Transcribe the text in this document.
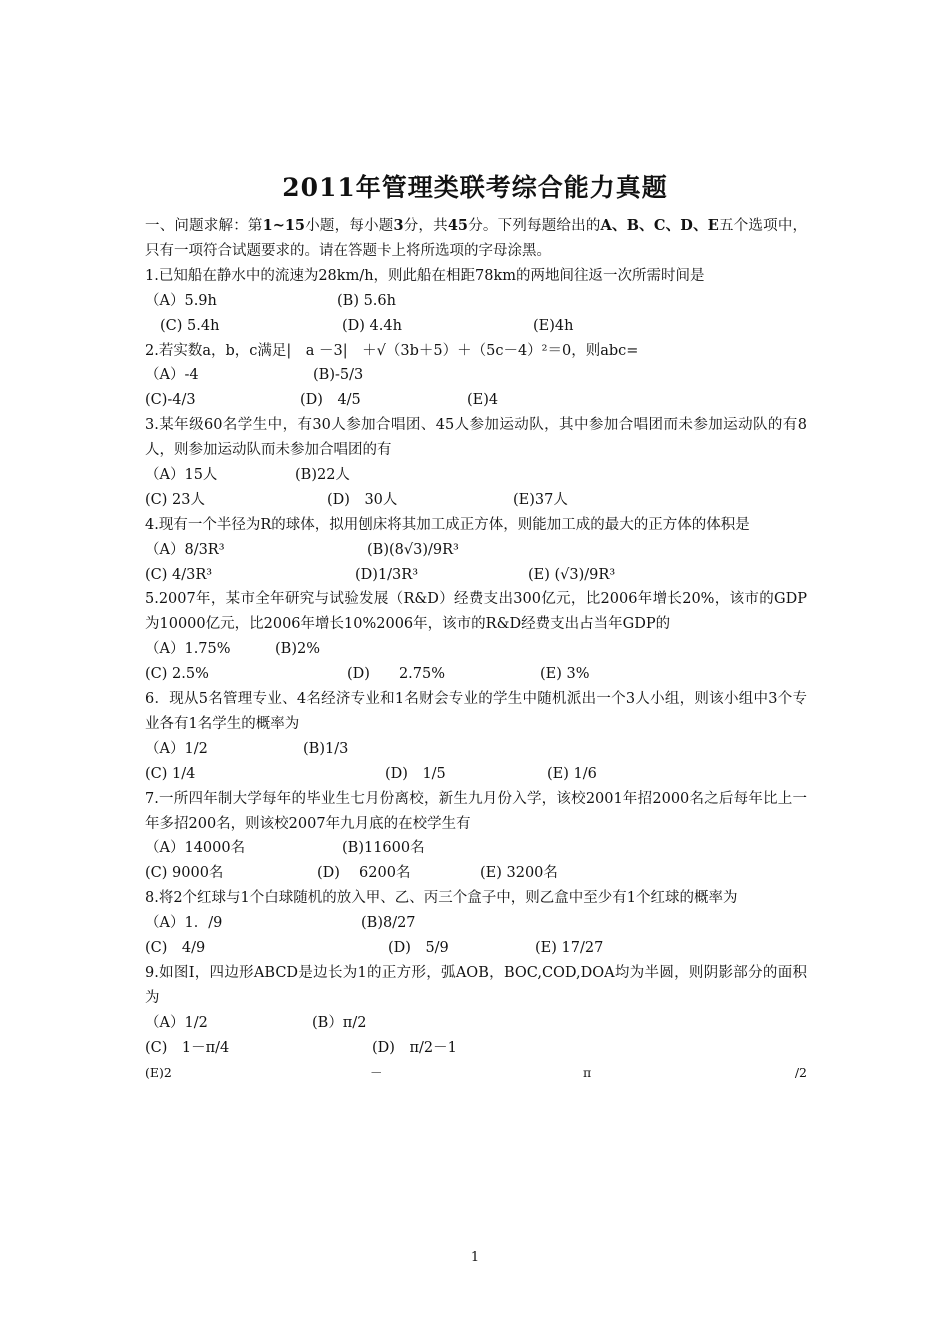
2011年管理类联考综合能力真题
一、问题求解：第1~15小题，每小题3分，共45分。下列每题给出的A、B、C、D、E五个选项中，只有一项符合试题要求的。请在答题卡上将所选项的字母涂黑。
1.已知船在静水中的流速为28km/h，则此船在相距78km的两地间往返一次所需时间是
（A）5.9h	(B) 5.6h
(C) 5.4h	(D) 4.4h	(E)4h
2.若实数a，b，c满足|　a －3|　＋√（3b＋5）＋（5c－4）²＝0，则abc=
（A）-4	(B)-5/3
(C)-4/3	(D)　4/5	(E)4
3.某年级60名学生中，有30人参加合唱团、45人参加运动队，其中参加合唱团而未参加运动队的有8人，则参加运动队而未参加合唱团的有
（A）15人	(B)22人
(C) 23人	(D)　30人	(E)37人
4.现有一个半径为R的球体，拟用刨床将其加工成正方体，则能加工成的最大的正方体的体积是
（A）8/3R³	(B)(8√3)/9R³
(C) 4/3R³	(D)1/3R³	(E) (√3)/9R³
5.2007年，某市全年研究与试验发展（R&D）经费支出300亿元，比2006年增长20%，该市的GDP为10000亿元，比2006年增长10%2006年，该市的R&D经费支出占当年GDP的
（A）1.75%	(B)2%
(C) 2.5%	(D)　　2.75%	(E) 3%
6．现从5名管理专业、4名经济专业和1名财会专业的学生中随机派出一个3人小组，则该小组中3个专业各有1名学生的概率为
（A）1/2	(B)1/3
(C) 1/4	(D)　1/5	(E) 1/6
7.一所四年制大学每年的毕业生七月份离校，新生九月份入学，该校2001年招2000名之后每年比上一年多招200名，则该校2007年九月底的在校学生有
（A）14000名	(B)11600名
(C) 9000名	(D)　 6200名	(E) 3200名
8.将2个红球与1个白球随机的放入甲、乙、丙三个盒子中，则乙盒中至少有1个红球的概率为
（A）1．/9	(B)8/27
(C)　4/9	(D)　5/9	(E) 17/27
9.如图Ⅰ，四边形ABCD是边长为1的正方形，弧AOB，BOC,COD,DOA均为半圆，则阴影部分的面积为
（A）1/2	(B）π/2
(C)　1－π/4	(D)　π/2－1
(E)2	－	π	/2
1
